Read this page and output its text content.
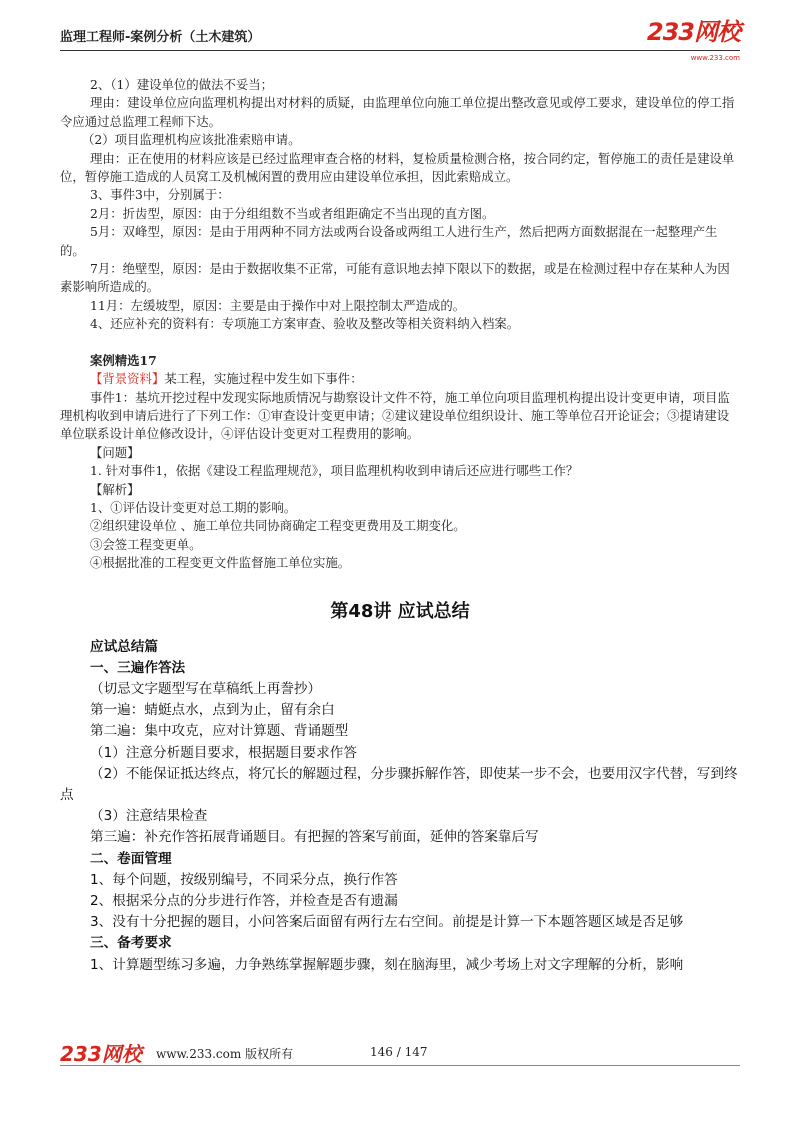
监理工程师-案例分析（土木建筑）	233网校
www.233.com

2、（1）建设单位的做法不妥当；

理由：建设单位应向监理机构提出对材料的质疑，由监理单位向施工单位提出整改意见或停工要求，建设单位的停工指令应通过总监理工程师下达。

（2）项目监理机构应该批准索赔申请。

理由：正在使用的材料应该是已经过监理审查合格的材料，复检质量检测合格，按合同约定，暂停施工的责任是建设单位，暂停施工造成的人员窝工及机械闲置的费用应由建设单位承担，因此索赔成立。

3、事件3中，分别属于：

2月：折齿型，原因：由于分组组数不当或者组距确定不当出现的直方图。

5月：双峰型，原因：是由于用两种不同方法或两台设备或两组工人进行生产，然后把两方面数据混在一起整理产生的。

7月：绝壁型，原因：是由于数据收集不正常，可能有意识地去掉下限以下的数据，或是在检测过程中存在某种人为因素影响所造成的。

11月：左缓坡型，原因：主要是由于操作中对上限控制太严造成的。

4、还应补充的资料有：专项施工方案审查、验收及整改等相关资料纳入档案。

案例精选17

【背景资料】某工程，实施过程中发生如下事件：

事件1：基坑开挖过程中发现实际地质情况与勘察设计文件不符，施工单位向项目监理机构提出设计变更申请，项目监理机构收到申请后进行了下列工作：①审查设计变更申请；②建议建设单位组织设计、施工等单位召开论证会；③提请建设单位联系设计单位修改设计，④评估设计变更对工程费用的影响。

【问题】

1. 针对事件1，依据《建设工程监理规范》，项目监理机构收到申请后还应进行哪些工作？

【解析】

1、①评估设计变更对总工期的影响。

②组织建设单位 、施工单位共同协商确定工程变更费用及工期变化。

③会签工程变更单。

④根据批准的工程变更文件监督施工单位实施。

第48讲 应试总结

应试总结篇

一、三遍作答法

（切忌文字题型写在草稿纸上再誊抄）

第一遍：蜻蜓点水，点到为止，留有余白

第二遍：集中攻克，应对计算题、背诵题型

（1）注意分析题目要求，根据题目要求作答

（2）不能保证抵达终点，将冗长的解题过程，分步骤拆解作答，即使某一步不会，也要用汉字代替，写到终点

（3）注意结果检查

第三遍：补充作答拓展背诵题目。有把握的答案写前面，延伸的答案靠后写

二、卷面管理

1、每个问题，按级别编号，不同采分点，换行作答

2、根据采分点的分步进行作答，并检查是否有遗漏

3、没有十分把握的题目，小问答案后面留有两行左右空间。前提是计算一下本题答题区域是否足够

三、备考要求

1、计算题型练习多遍，力争熟练掌握解题步骤，刻在脑海里，减少考场上对文字理解的分析，影响

233网校 www.233.com 版权所有	146 / 147
